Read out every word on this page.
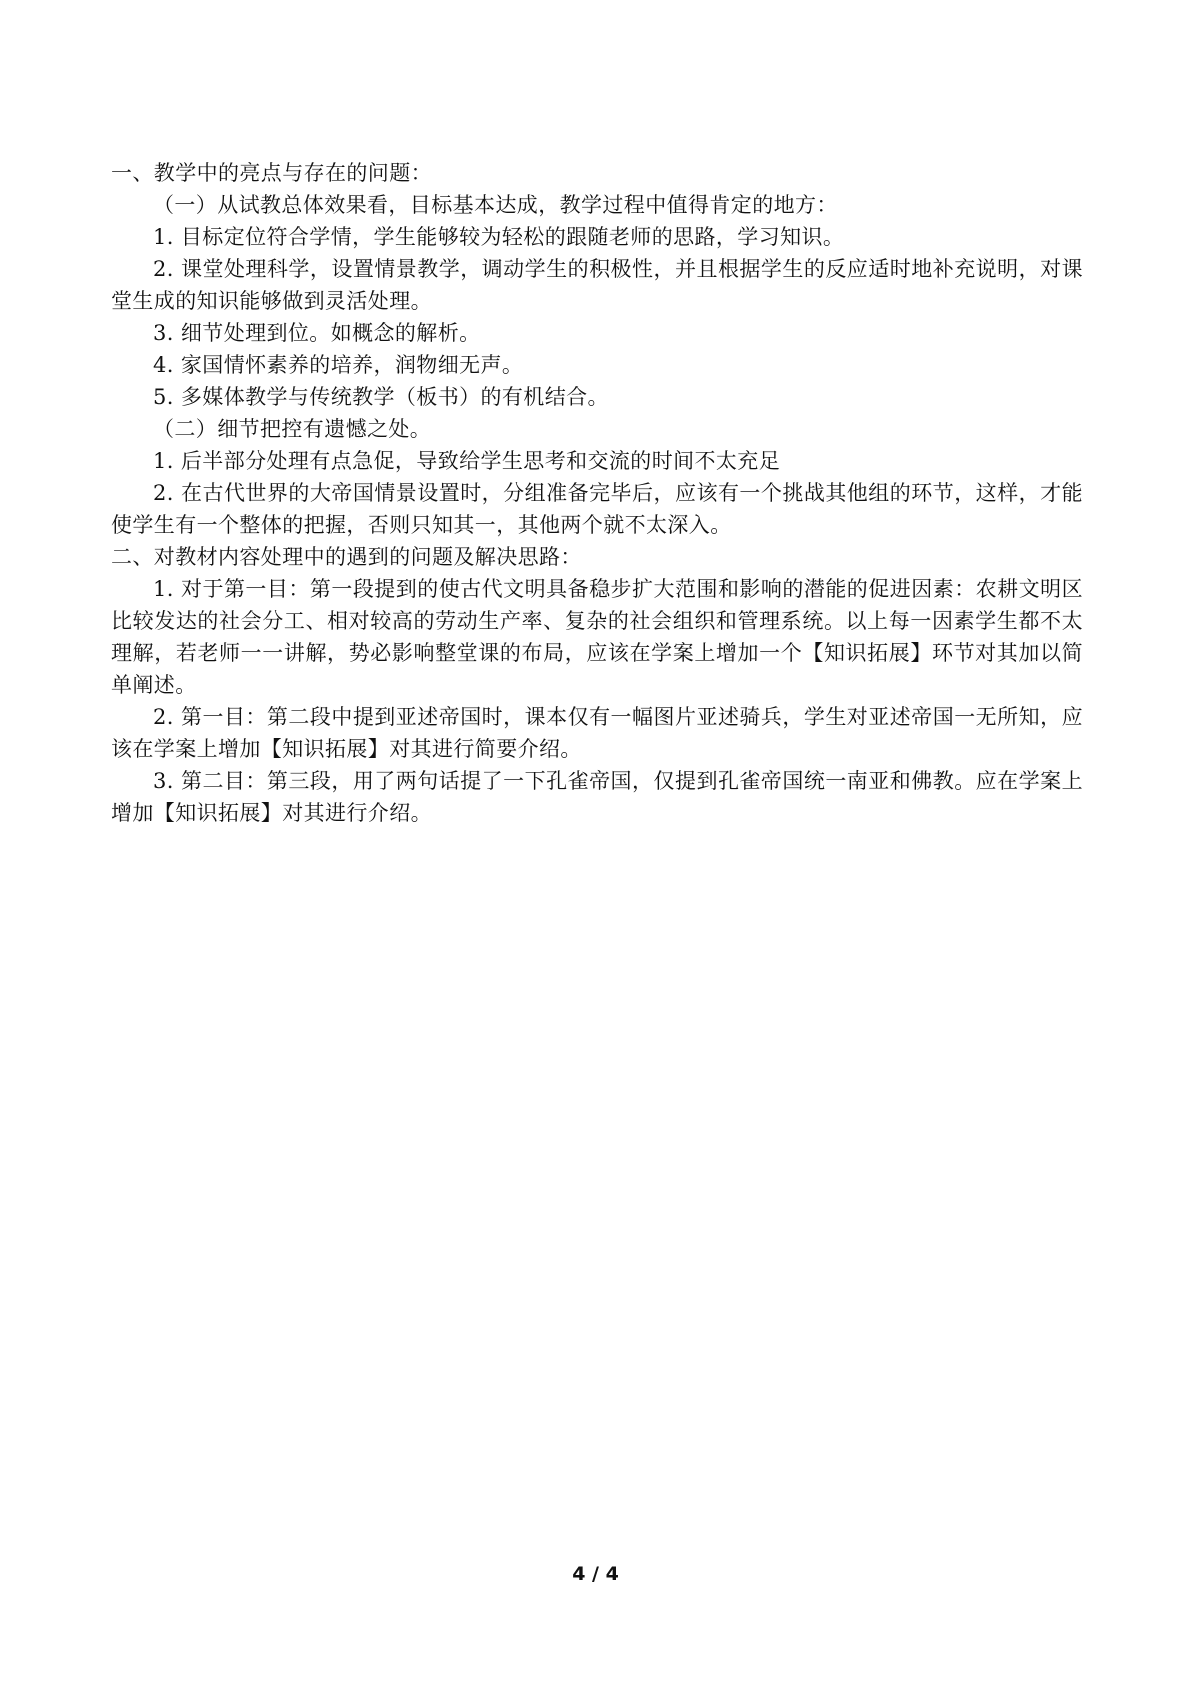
一、教学中的亮点与存在的问题：

（一）从试教总体效果看，目标基本达成，教学过程中值得肯定的地方：

1. 目标定位符合学情，学生能够较为轻松的跟随老师的思路，学习知识。

2. 课堂处理科学，设置情景教学，调动学生的积极性，并且根据学生的反应适时地补充说明，对课堂生成的知识能够做到灵活处理。

3. 细节处理到位。如概念的解析。

4. 家国情怀素养的培养，润物细无声。

5. 多媒体教学与传统教学（板书）的有机结合。

（二）细节把控有遗憾之处。

1. 后半部分处理有点急促，导致给学生思考和交流的时间不太充足

2. 在古代世界的大帝国情景设置时，分组准备完毕后，应该有一个挑战其他组的环节，这样，才能使学生有一个整体的把握，否则只知其一，其他两个就不太深入。

二、对教材内容处理中的遇到的问题及解决思路：

1. 对于第一目：第一段提到的使古代文明具备稳步扩大范围和影响的潜能的促进因素：农耕文明区比较发达的社会分工、相对较高的劳动生产率、复杂的社会组织和管理系统。以上每一因素学生都不太理解，若老师一一讲解，势必影响整堂课的布局，应该在学案上增加一个【知识拓展】环节对其加以简单阐述。

2. 第一目：第二段中提到亚述帝国时，课本仅有一幅图片亚述骑兵，学生对亚述帝国一无所知，应该在学案上增加【知识拓展】对其进行简要介绍。

3. 第二目：第三段，用了两句话提了一下孔雀帝国，仅提到孔雀帝国统一南亚和佛教。应在学案上增加【知识拓展】对其进行介绍。

4 / 4
